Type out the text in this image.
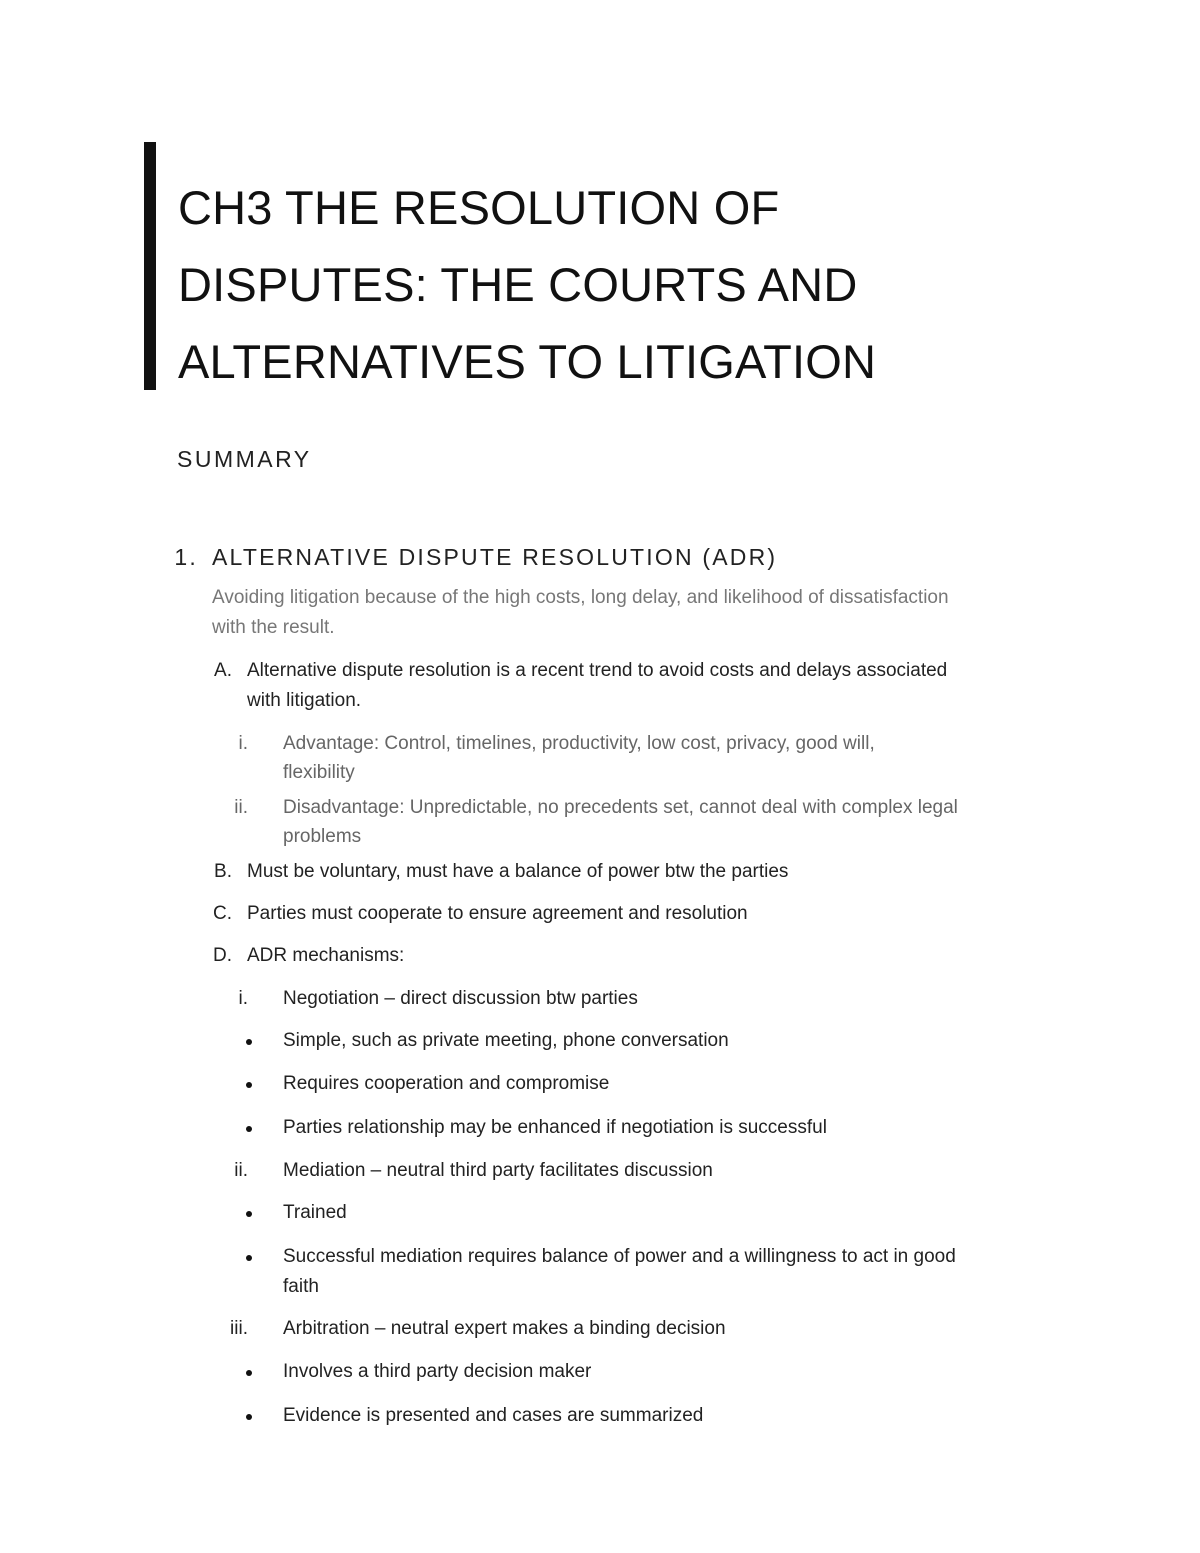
CH3 THE RESOLUTION OF
DISPUTES: THE COURTS AND
ALTERNATIVES TO LITIGATION
SUMMARY
1. ALTERNATIVE DISPUTE RESOLUTION (ADR)
Avoiding litigation because of the high costs, long delay, and likelihood of dissatisfaction
with the result.
A. Alternative dispute resolution is a recent trend to avoid costs and delays associated
with litigation.
i. Advantage: Control, timelines, productivity, low cost, privacy, good will,
flexibility
ii. Disadvantage: Unpredictable, no precedents set, cannot deal with complex legal
problems
B. Must be voluntary, must have a balance of power btw the parties
C. Parties must cooperate to ensure agreement and resolution
D. ADR mechanisms:
i. Negotiation – direct discussion btw parties
Simple, such as private meeting, phone conversation
Requires cooperation and compromise
Parties relationship may be enhanced if negotiation is successful
ii. Mediation – neutral third party facilitates discussion
Trained
Successful mediation requires balance of power and a willingness to act in good
faith
iii. Arbitration – neutral expert makes a binding decision
Involves a third party decision maker
Evidence is presented and cases are summarized
